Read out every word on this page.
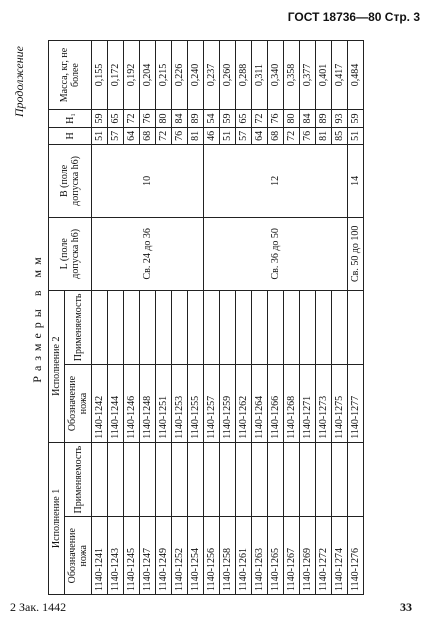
ГОСТ 18736—80 Стр. 3
Продолжение
Размеры в мм
Исполнение 1		Исполнение 2		L (поле допуска h6)	В (поле допуска h6)	H	H₁	Масса, кг, не более
Обозначение ножа	Применяемость	Обозначение ножа	Применяемость					
1140-1241		1140-1242		Св. 24 до 36	10	51	59	0,155
1140-1243		1140-1244				57	65	0,172
1140-1245		1140-1246				64	72	0,192
1140-1247		1140-1248				68	76	0,204
1140-1249		1140-1251				72	80	0,215
1140-1252		1140-1253				76	84	0,226
1140-1254		1140-1255				81	89	0,240
1140-1256		1140-1257		Св. 36 до 50	12	46	54	0,237
1140-1258		1140-1259				51	59	0,260
1140-1261		1140-1262				57	65	0,288
1140-1263		1140-1264				64	72	0,311
1140-1265		1140-1266				68	76	0,340
1140-1267		1140-1268				72	80	0,358
1140-1269		1140-1271				76	84	0,377
1140-1272		1140-1273				81	89	0,401
1140-1274		1140-1275				85	93	0,417
1140-1276		1140-1277		Св. 50 до 100	14	51	59	0,484
2 Зак. 1442	33
